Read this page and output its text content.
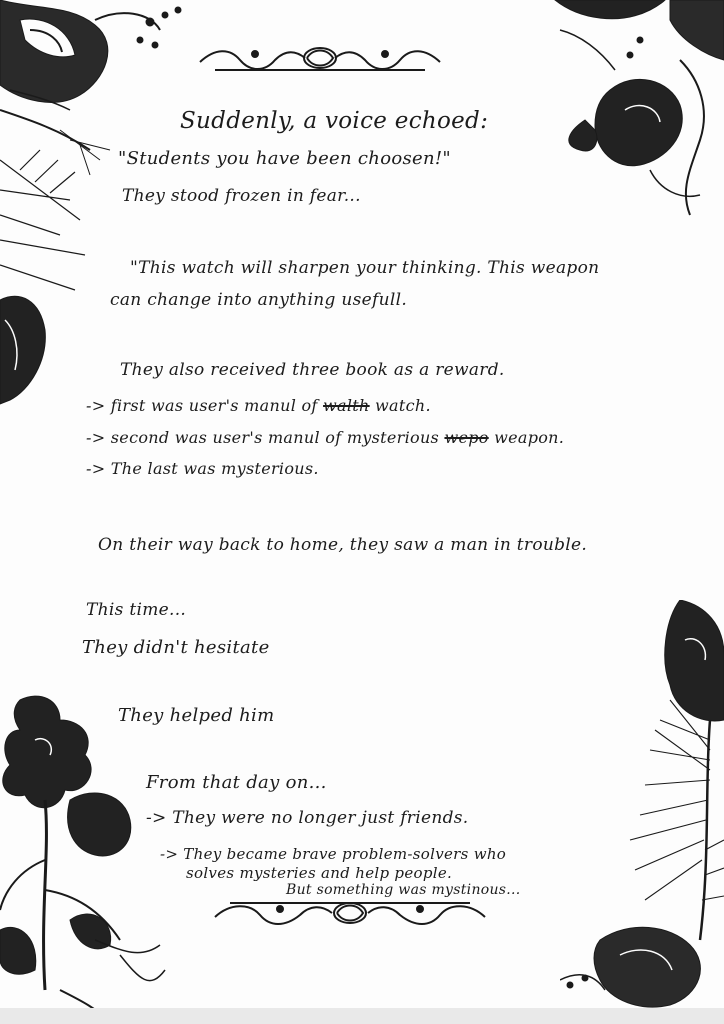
Suddenly, a voice echoed:
"Students you have been choosen!"
They stood frozen in fear...
"This watch will sharpen your thinking. This weapon
can change into anything usefull.
They also received three book as a reward.
-> first was user's manul of walth watch.
-> second was user's manul of mysterious wepo weapon.
-> The last was mysterious.
On their way back to home, they saw a man in trouble.
This time...
They didn't hesitate
They helped him
From that day on...
-> They were no longer just friends.
-> They became brave problem-solvers who
solves mysteries and help people.
But something was mystinous...
